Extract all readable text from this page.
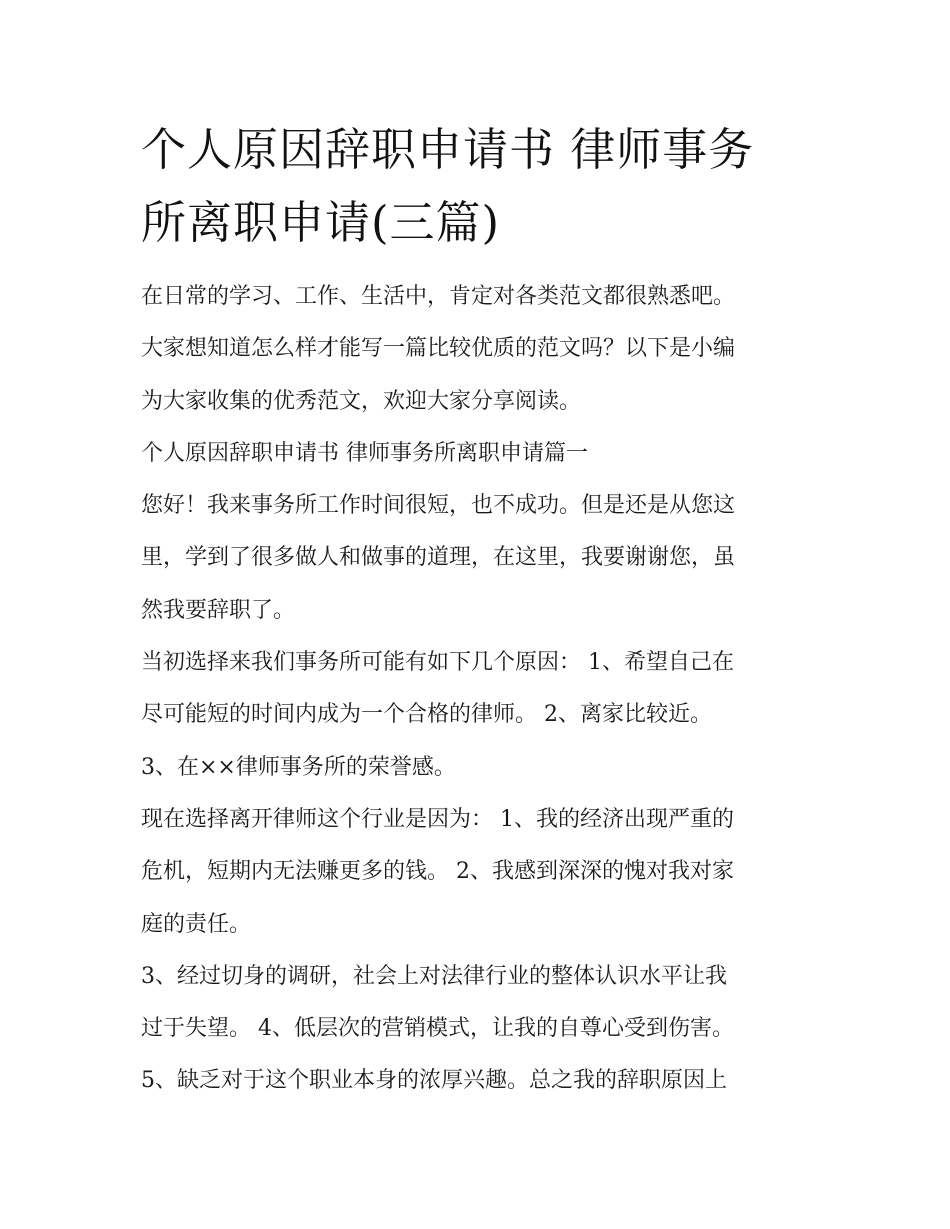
个人原因辞职申请书 律师事务
所离职申请(三篇)

在日常的学习、工作、生活中，肯定对各类范文都很熟悉吧。
大家想知道怎么样才能写一篇比较优质的范文吗？以下是小编
为大家收集的优秀范文，欢迎大家分享阅读。

个人原因辞职申请书 律师事务所离职申请篇一

您好！我来事务所工作时间很短，也不成功。但是还是从您这
里，学到了很多做人和做事的道理，在这里，我要谢谢您，虽
然我要辞职了。

当初选择来我们事务所可能有如下几个原因： 1、希望自己在
尽可能短的时间内成为一个合格的律师。 2、离家比较近。

3、在××律师事务所的荣誉感。

现在选择离开律师这个行业是因为： 1、我的经济出现严重的
危机，短期内无法赚更多的钱。 2、我感到深深的愧对我对家
庭的责任。

3、经过切身的调研，社会上对法律行业的整体认识水平让我
过于失望。 4、低层次的营销模式，让我的自尊心受到伤害。

5、缺乏对于这个职业本身的浓厚兴趣。总之我的辞职原因上
